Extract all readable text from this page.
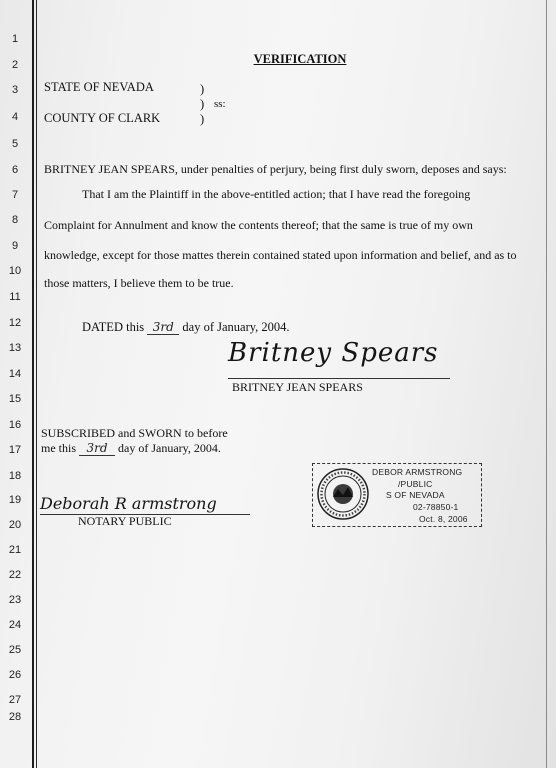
1
2
3
4
5
6
7
8
9
10
11
12
13
14
15
16
17
18
19
20
21
22
23
24
25
26
27
28
VERIFICATION
STATE OF NEVADA
COUNTY OF CLARK
)
)
)
ss:
BRITNEY JEAN SPEARS, under penalties of perjury, being first duly sworn, deposes and says:
That I am the Plaintiff in the above-entitled action; that I have read the foregoing
Complaint for Annulment and know the contents thereof; that the same is true of my own
knowledge, except for those mattes therein contained stated upon information and belief, and as to
those matters, I believe them to be true.
DATED this 3rd day of January, 2004.
Britney Spears
BRITNEY JEAN SPEARS
SUBSCRIBED and SWORN to before
me this 3rd day of January, 2004.
Deborah R armstrong
NOTARY PUBLIC
DEBOR ARMSTRONG
/PUBLIC
S OF NEVADA
02-78850-1
Oct. 8, 2006
